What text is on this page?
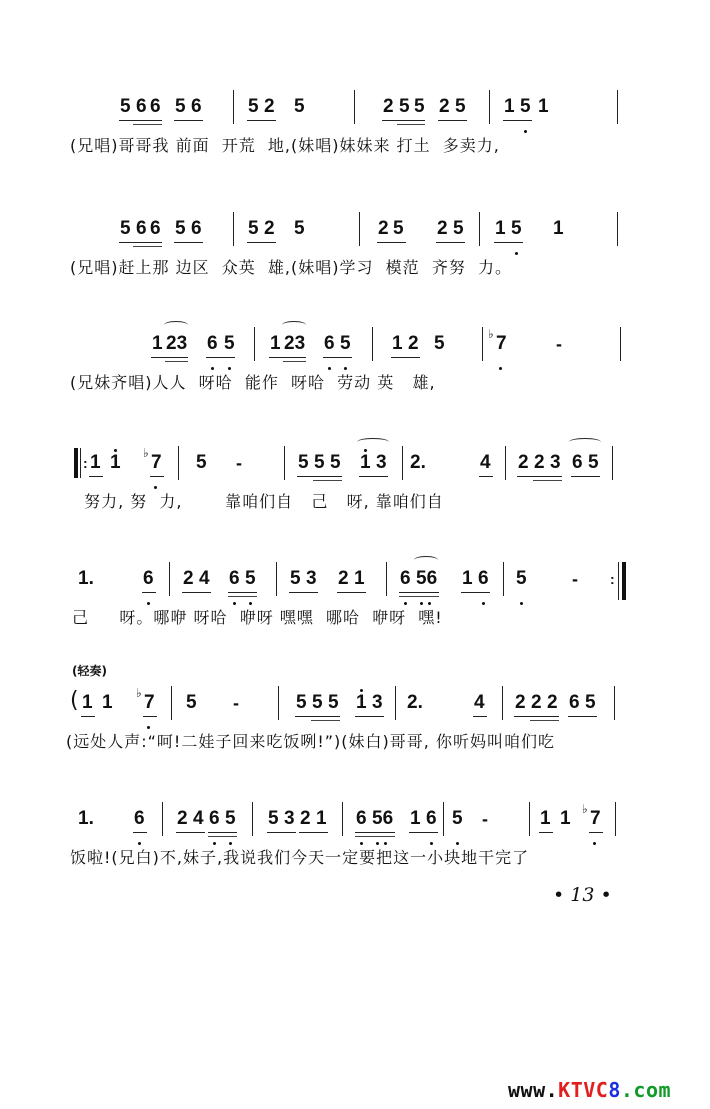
5 6 6 5 6 5 2 5	2 5 5 2 5 1 5 1
(兄唱)哥哥我 前面  开荒  地,(妹唱)妹妹来 打土  多卖力,
5 6 6 5 6 5 2 5	2 5 2 5 1 5 1
(兄唱)赶上那 边区  众英  雄,(妹唱)学习  模范  齐努  力。
1 23 6 5 1 23 6 5 1 2 5	7	-
♭
(兄妹齐唱)人人  呀哈  能作  呀哈  劳动 英   雄,
: 1 1 7 5 -	5 5 5 1 3 2.	4 2 2 3 6 5
♭
努力, 努  力,       靠咱们自   己   呀, 靠咱们自
1.	6 2 4 6 5 5 3 2 1 6 56 1 6 5	- :
己     呀。哪咿 呀哈  咿呀 嘿嘿  哪哈  咿呀  嘿!
(轻奏)
( 1 1 7 5 -	5 5 5 1 3 2.	4 2 2 2 6 5
♭
(远处人声:“呵!二娃子回来吃饭咧!”)(妹白)哥哥, 你听妈叫咱们吃
1. 6 2 4 6 5 5 3 2 1 6 56 1 6 5 -	1 1 7
♭
饭啦!(兄白)不,妹子,我说我们今天一定要把这一小块地干完了
• 13 •
www.KTVC8.com
